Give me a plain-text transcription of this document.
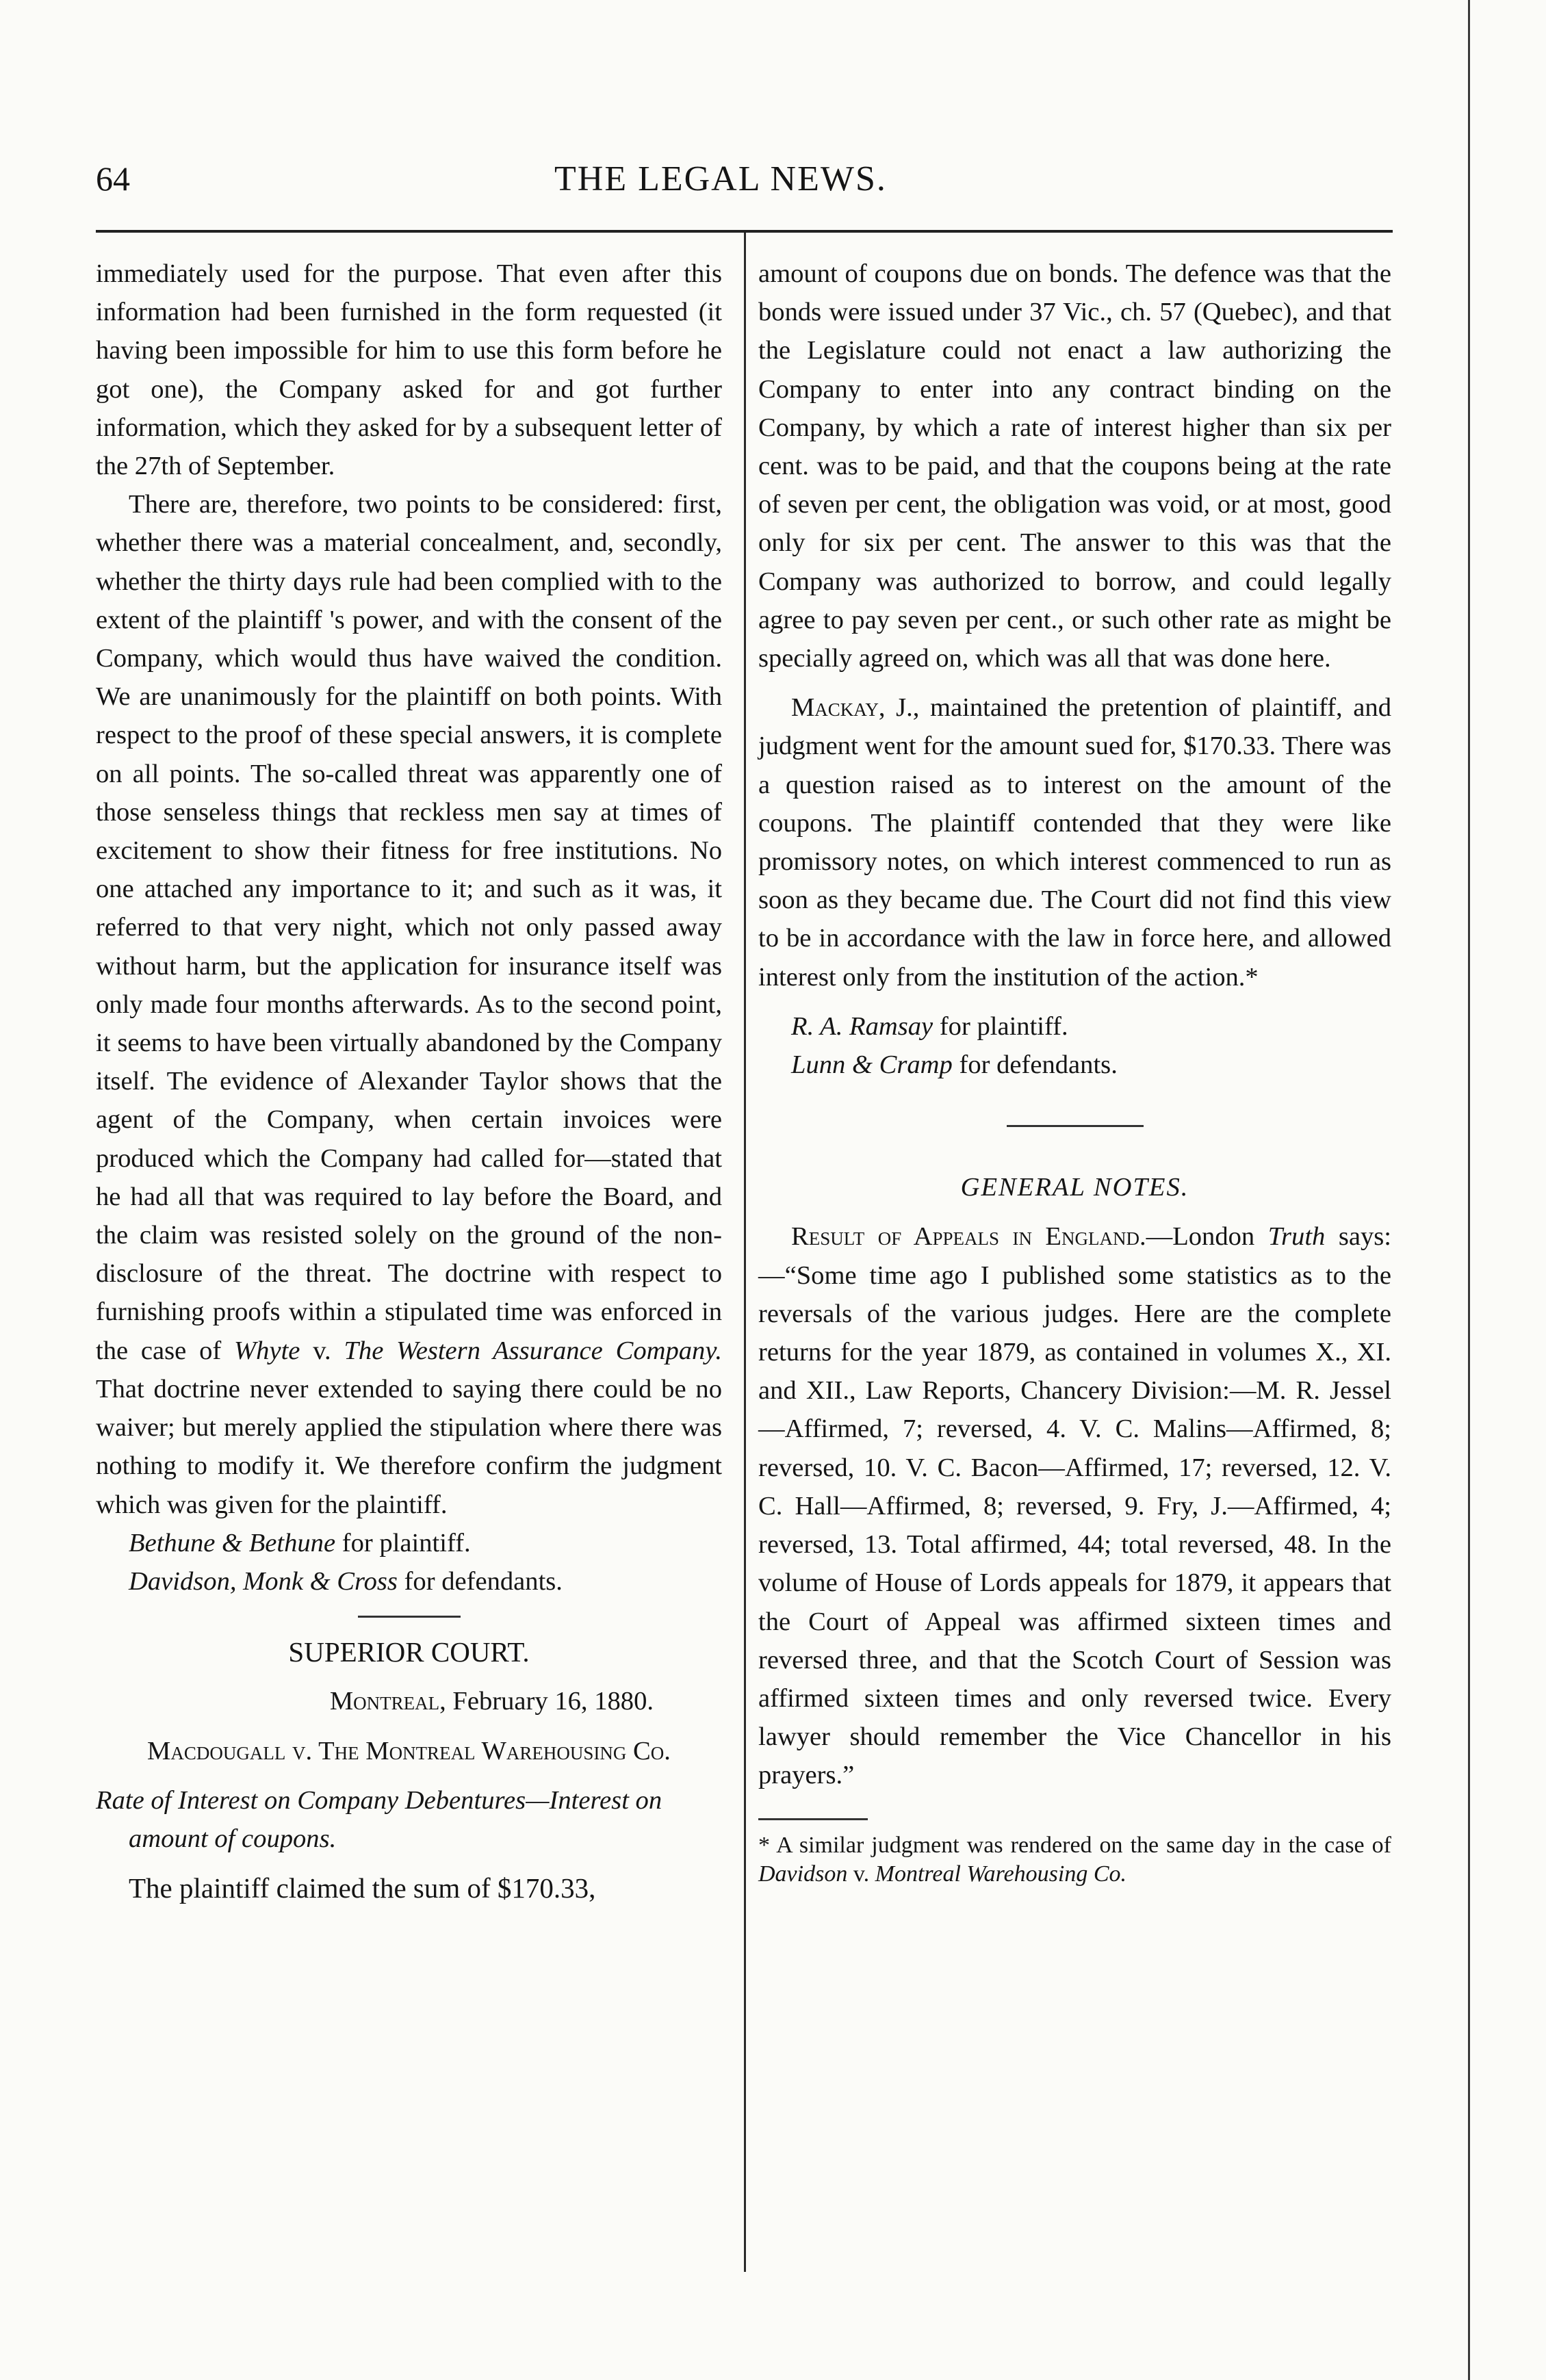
64	THE LEGAL NEWS.

immediately used for the purpose. That even after this information had been furnished in the form requested (it having been impossible for him to use this form before he got one), the Company asked for and got further information, which they asked for by a subsequent letter of the 27th of September.

There are, therefore, two points to be considered: first, whether there was a material concealment, and, secondly, whether the thirty days rule had been complied with to the extent of the plaintiff 's power, and with the consent of the Company, which would thus have waived the condition. We are unanimously for the plaintiff on both points. With respect to the proof of these special answers, it is complete on all points. The so-called threat was apparently one of those senseless things that reckless men say at times of excitement to show their fitness for free institutions. No one attached any importance to it; and such as it was, it referred to that very night, which not only passed away without harm, but the application for insurance itself was only made four months afterwards. As to the second point, it seems to have been virtually abandoned by the Company itself. The evidence of Alexander Taylor shows that the agent of the Company, when certain invoices were produced which the Company had called for—stated that he had all that was required to lay before the Board, and the claim was resisted solely on the ground of the non-disclosure of the threat. The doctrine with respect to furnishing proofs within a stipulated time was enforced in the case of Whyte v. The Western Assurance Company. That doctrine never extended to saying there could be no waiver; but merely applied the stipulation where there was nothing to modify it. We therefore confirm the judgment which was given for the plaintiff.

Bethune & Bethune for plaintiff.

Davidson, Monk & Cross for defendants.

SUPERIOR COURT.

Montreal, February 16, 1880.

Macdougall v. The Montreal Warehousing Co.

Rate of Interest on Company Debentures—Interest on amount of coupons.

The plaintiff claimed the sum of $170.33,

amount of coupons due on bonds. The defence was that the bonds were issued under 37 Vic., ch. 57 (Quebec), and that the Legislature could not enact a law authorizing the Company to enter into any contract binding on the Company, by which a rate of interest higher than six per cent. was to be paid, and that the coupons being at the rate of seven per cent, the obligation was void, or at most, good only for six per cent. The answer to this was that the Company was authorized to borrow, and could legally agree to pay seven per cent., or such other rate as might be specially agreed on, which was all that was done here.

Mackay, J., maintained the pretention of plaintiff, and judgment went for the amount sued for, $170.33. There was a question raised as to interest on the amount of the coupons. The plaintiff contended that they were like promissory notes, on which interest commenced to run as soon as they became due. The Court did not find this view to be in accordance with the law in force here, and allowed interest only from the institution of the action.*

R. A. Ramsay for plaintiff.

Lunn & Cramp for defendants.

GENERAL NOTES.

Result of Appeals in England.—London Truth says:—“Some time ago I published some statistics as to the reversals of the various judges. Here are the complete returns for the year 1879, as contained in volumes X., XI. and XII., Law Reports, Chancery Division:—M. R. Jessel—Affirmed, 7; reversed, 4. V. C. Malins—Affirmed, 8; reversed, 10. V. C. Bacon—Affirmed, 17; reversed, 12. V. C. Hall—Affirmed, 8; reversed, 9. Fry, J.—Affirmed, 4; reversed, 13. Total affirmed, 44; total reversed, 48. In the volume of House of Lords appeals for 1879, it appears that the Court of Appeal was affirmed sixteen times and reversed three, and that the Scotch Court of Session was affirmed sixteen times and only reversed twice. Every lawyer should remember the Vice Chancellor in his prayers.”

* A similar judgment was rendered on the same day in the case of Davidson v. Montreal Warehousing Co.
